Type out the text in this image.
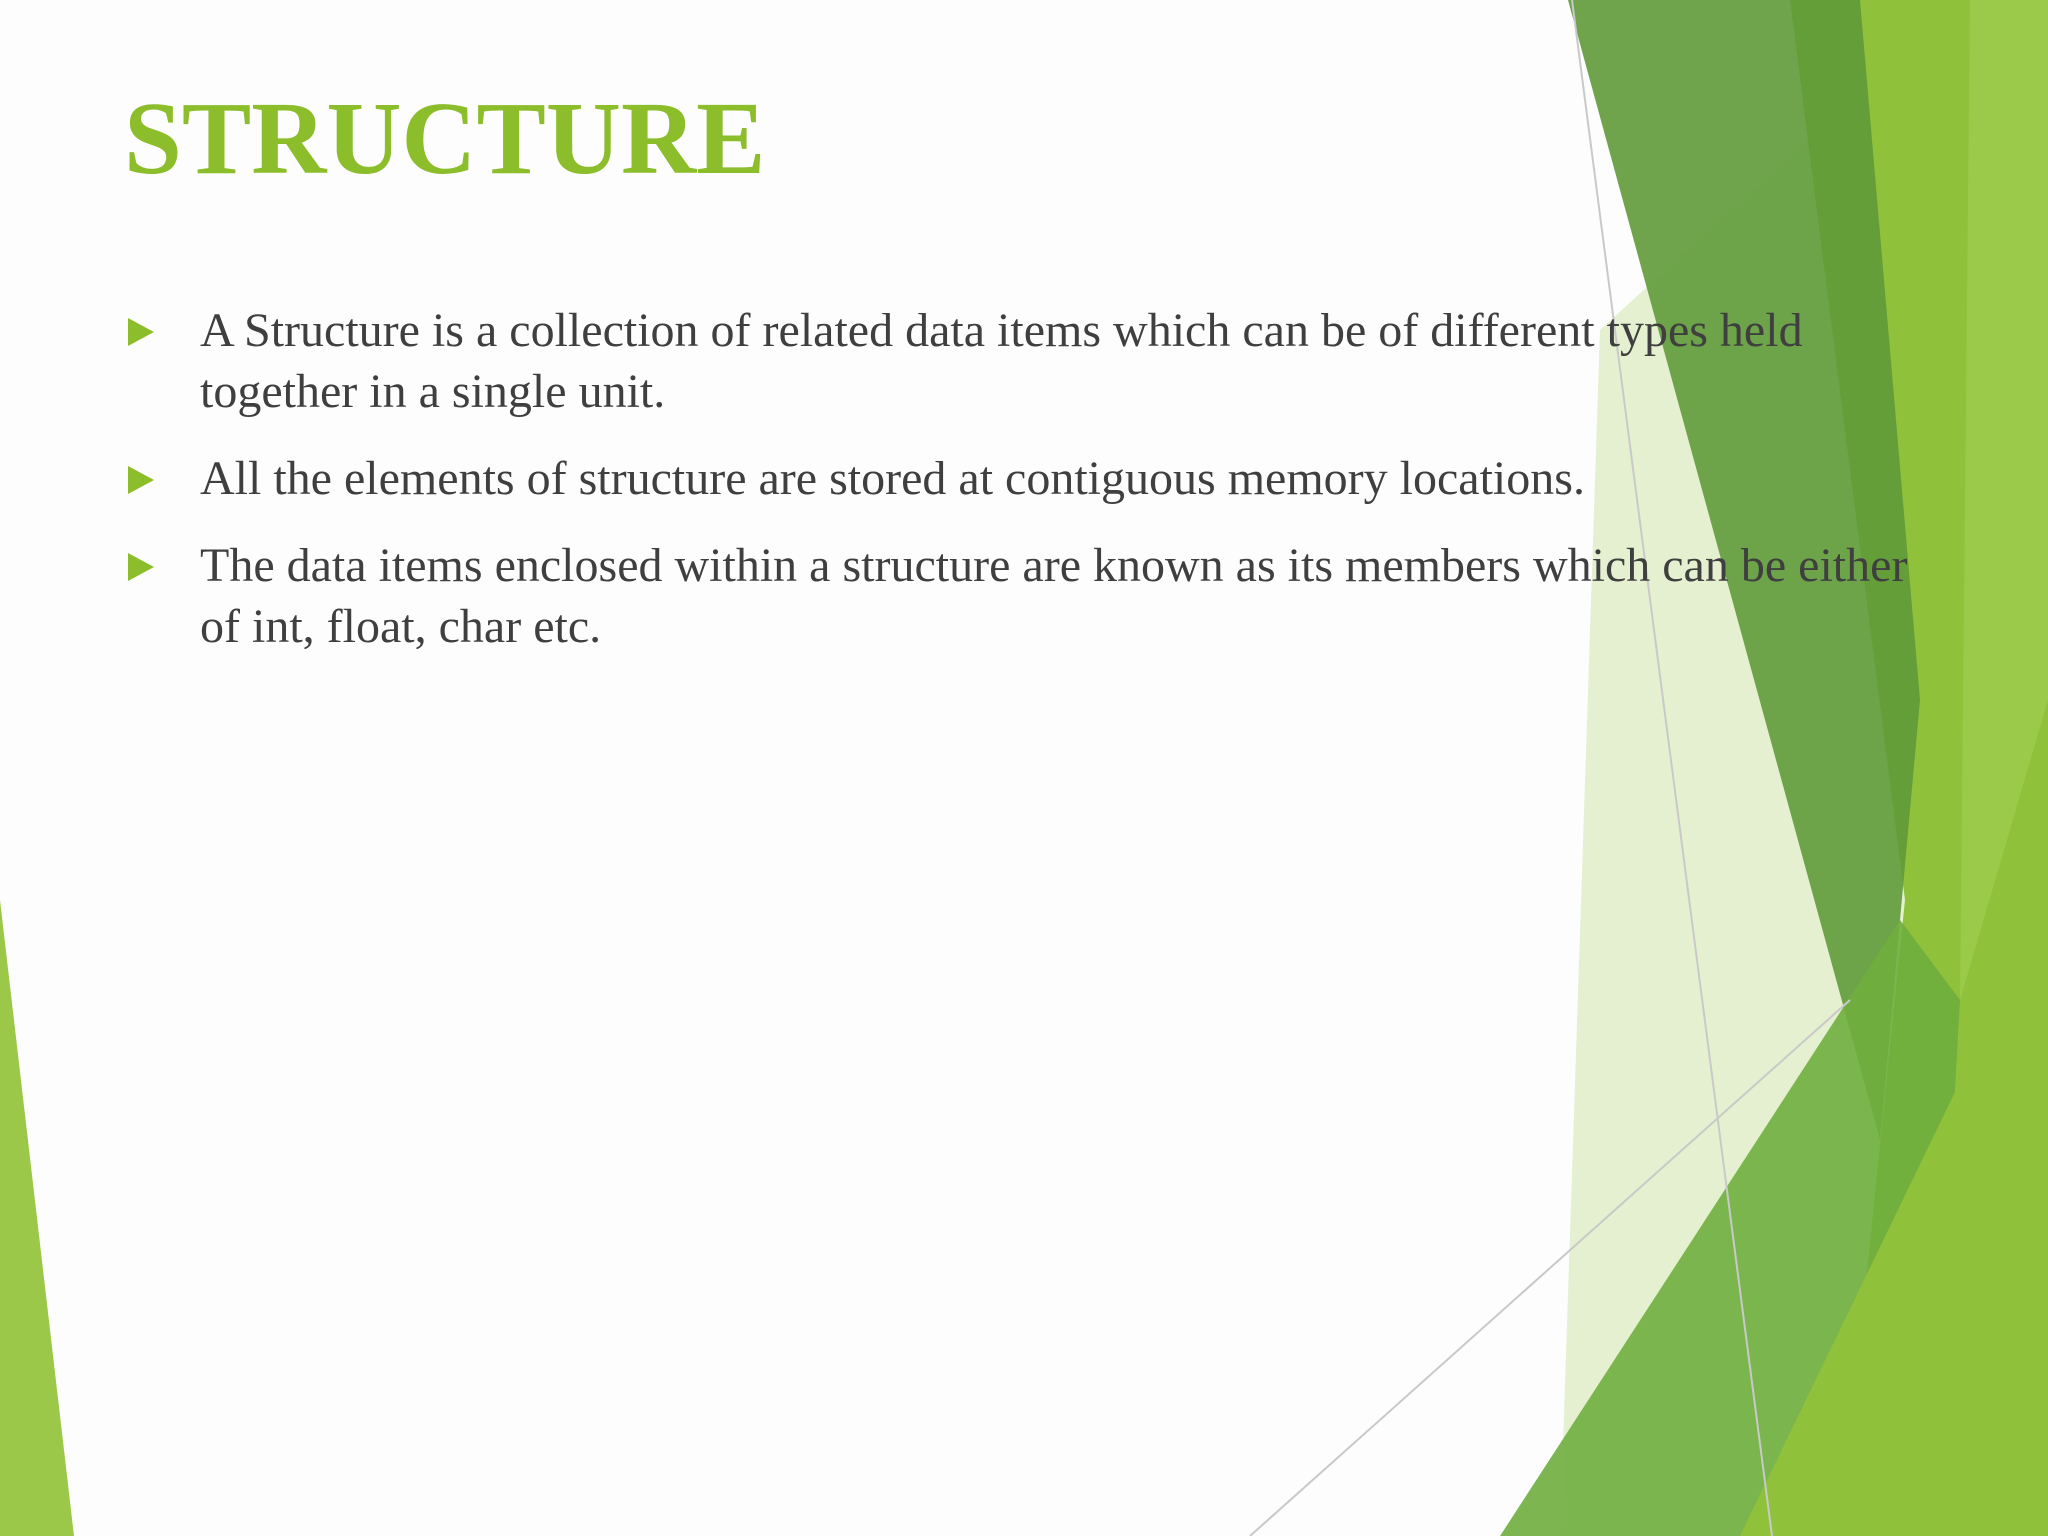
STRUCTURE
A Structure is a collection of related data items which can be of different types held together in a single unit.
All the elements of structure are stored at contiguous memory locations.
The data items enclosed within a structure are known as its members which can be either of int, float, char etc.
